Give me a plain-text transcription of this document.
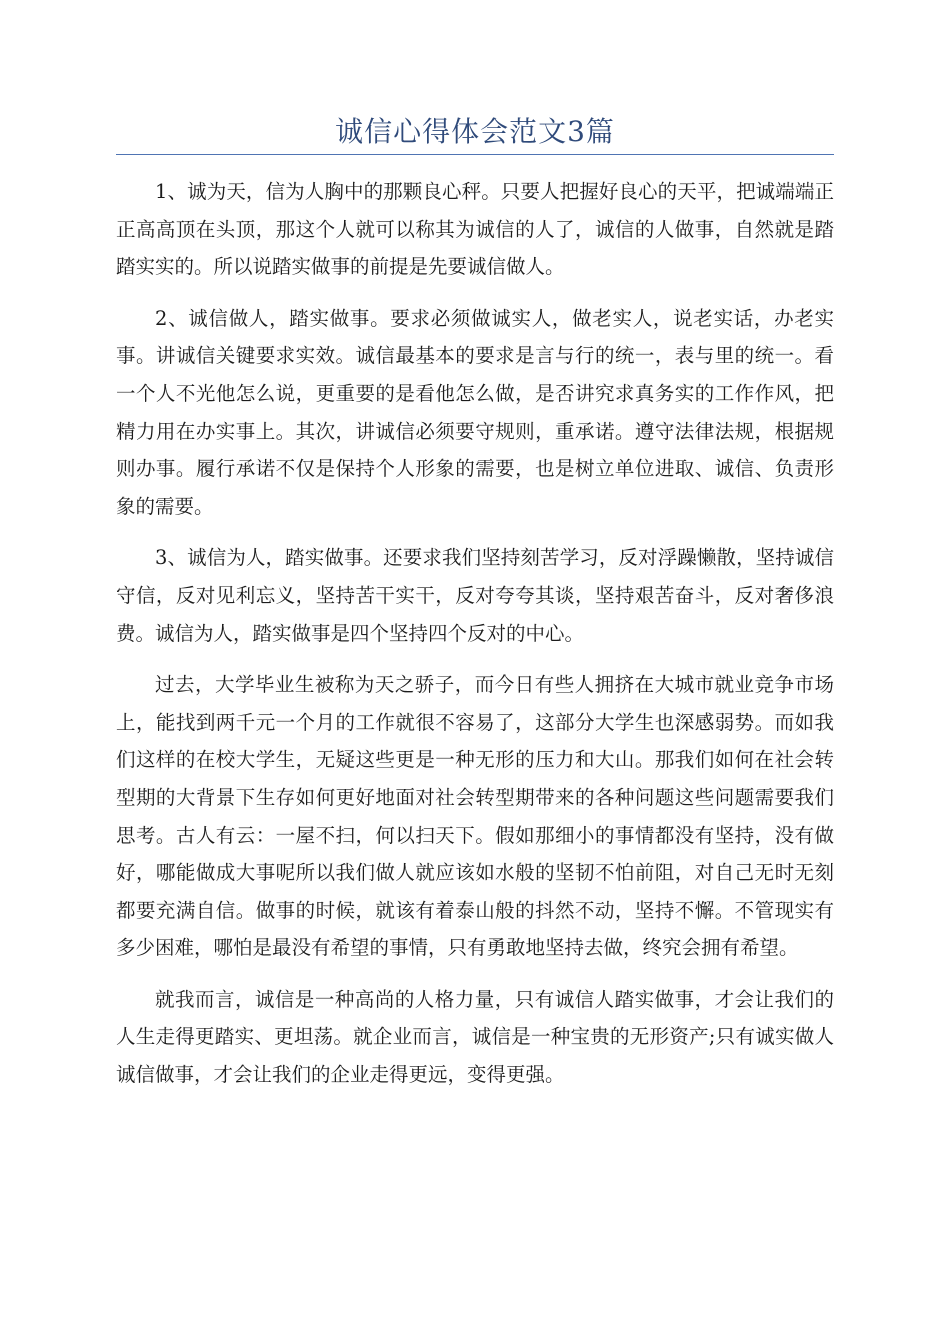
诚信心得体会范文3篇

1、诚为天，信为人胸中的那颗良心秤。只要人把握好良心的天平，把诚端端正正高高顶在头顶，那这个人就可以称其为诚信的人了，诚信的人做事，自然就是踏踏实实的。所以说踏实做事的前提是先要诚信做人。

2、诚信做人，踏实做事。要求必须做诚实人，做老实人，说老实话，办老实事。讲诚信关键要求实效。诚信最基本的要求是言与行的统一，表与里的统一。看一个人不光他怎么说，更重要的是看他怎么做，是否讲究求真务实的工作作风，把精力用在办实事上。其次，讲诚信必须要守规则，重承诺。遵守法律法规，根据规则办事。履行承诺不仅是保持个人形象的需要，也是树立单位进取、诚信、负责形象的需要。

3、诚信为人，踏实做事。还要求我们坚持刻苦学习，反对浮躁懒散，坚持诚信守信，反对见利忘义，坚持苦干实干，反对夸夸其谈，坚持艰苦奋斗，反对奢侈浪费。诚信为人，踏实做事是四个坚持四个反对的中心。

过去，大学毕业生被称为天之骄子，而今日有些人拥挤在大城市就业竞争市场上，能找到两千元一个月的工作就很不容易了，这部分大学生也深感弱势。而如我们这样的在校大学生，无疑这些更是一种无形的压力和大山。那我们如何在社会转型期的大背景下生存如何更好地面对社会转型期带来的各种问题这些问题需要我们思考。古人有云：一屋不扫，何以扫天下。假如那细小的事情都没有坚持，没有做好，哪能做成大事呢所以我们做人就应该如水般的坚韧不怕前阻，对自己无时无刻都要充满自信。做事的时候，就该有着泰山般的抖然不动，坚持不懈。不管现实有多少困难，哪怕是最没有希望的事情，只有勇敢地坚持去做，终究会拥有希望。

就我而言，诚信是一种高尚的人格力量，只有诚信人踏实做事，才会让我们的人生走得更踏实、更坦荡。就企业而言，诚信是一种宝贵的无形资产;只有诚实做人诚信做事，才会让我们的企业走得更远，变得更强。
